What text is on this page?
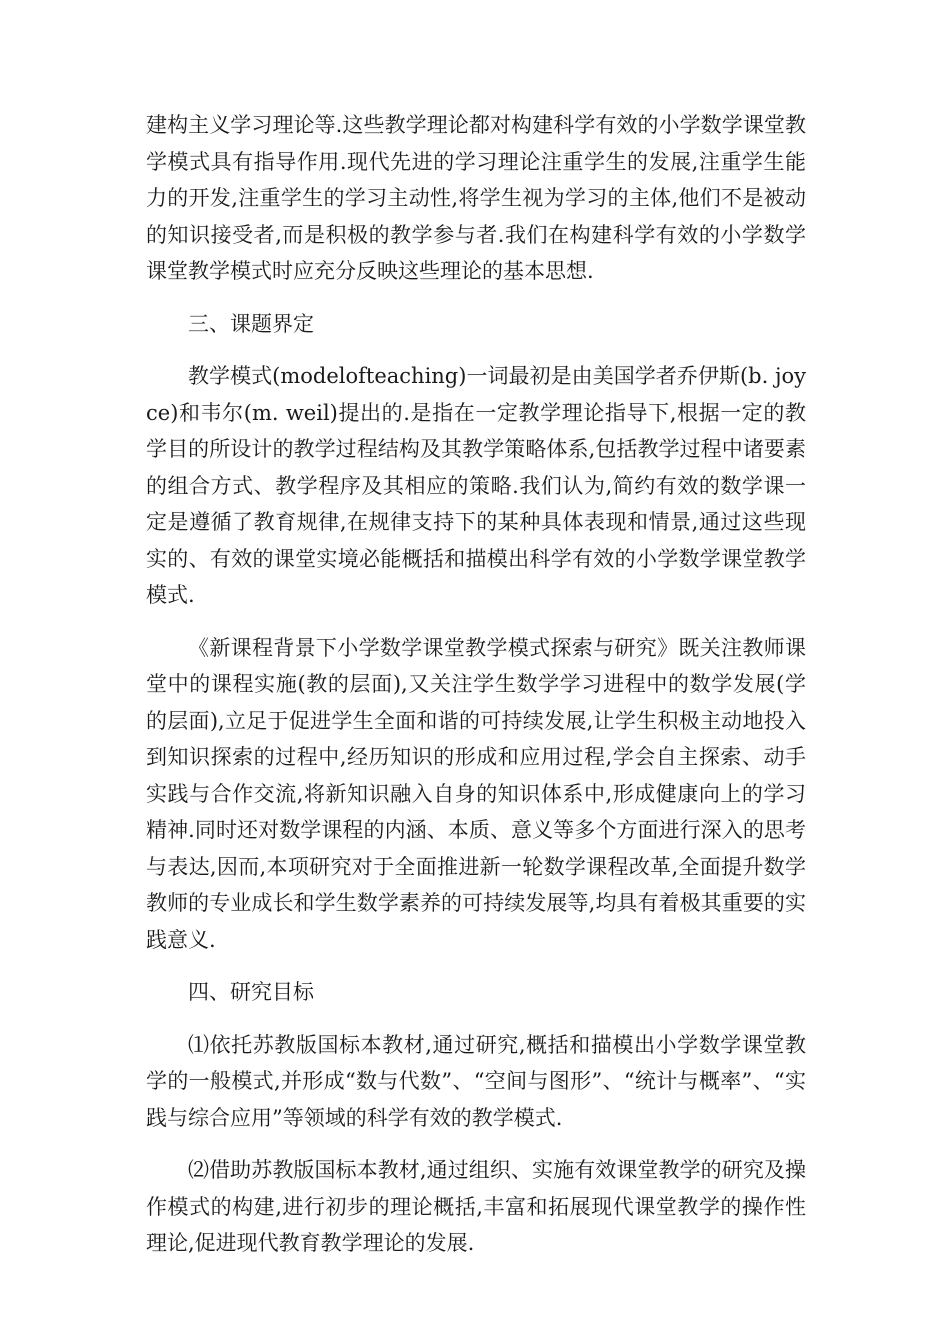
建构主义学习理论等.这些教学理论都对构建科学有效的小学数学课堂教学模式具有指导作用.现代先进的学习理论注重学生的发展,注重学生能力的开发,注重学生的学习主动性,将学生视为学习的主体,他们不是被动的知识接受者,而是积极的教学参与者.我们在构建科学有效的小学数学课堂教学模式时应充分反映这些理论的基本思想.

三、课题界定

教学模式(modelofteaching)一词最初是由美国学者乔伊斯(b. joyce)和韦尔(m. weil)提出的.是指在一定教学理论指导下,根据一定的教学目的所设计的教学过程结构及其教学策略体系,包括教学过程中诸要素的组合方式、教学程序及其相应的策略.我们认为,简约有效的数学课一定是遵循了教育规律,在规律支持下的某种具体表现和情景,通过这些现实的、有效的课堂实境必能概括和描模出科学有效的小学数学课堂教学模式.

《新课程背景下小学数学课堂教学模式探索与研究》既关注教师课堂中的课程实施(教的层面),又关注学生数学学习进程中的数学发展(学的层面),立足于促进学生全面和谐的可持续发展,让学生积极主动地投入到知识探索的过程中,经历知识的形成和应用过程,学会自主探索、动手实践与合作交流,将新知识融入自身的知识体系中,形成健康向上的学习精神.同时还对数学课程的内涵、本质、意义等多个方面进行深入的思考与表达,因而,本项研究对于全面推进新一轮数学课程改革,全面提升数学教师的专业成长和学生数学素养的可持续发展等,均具有着极其重要的实践意义.

四、研究目标

⑴依托苏教版国标本教材,通过研究,概括和描模出小学数学课堂教学的一般模式,并形成“数与代数”、“空间与图形”、“统计与概率”、“实践与综合应用”等领域的科学有效的教学模式.

⑵借助苏教版国标本教材,通过组织、实施有效课堂教学的研究及操作模式的构建,进行初步的理论概括,丰富和拓展现代课堂教学的操作性理论,促进现代教育教学理论的发展.
